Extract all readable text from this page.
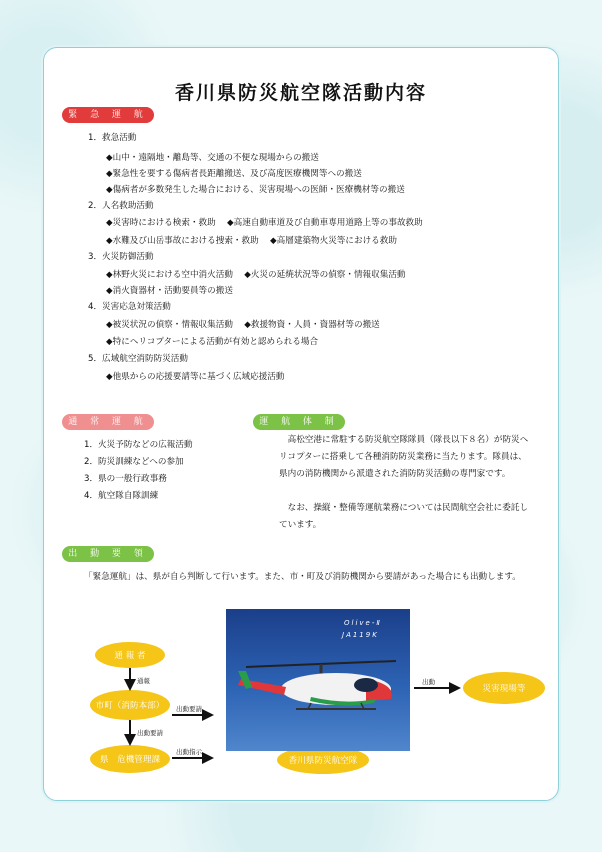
香川県防災航空隊活動内容
緊 急 運 航
1．救急活動
◆山中・遠隔地・離島等、交通の不便な現場からの搬送
◆緊急性を要する傷病者長距離搬送、及び高度医療機関等への搬送
◆傷病者が多数発生した場合における、災害現場への医師・医療機材等の搬送
2．人名救助活動
◆災害時における検索・救助　 ◆高速自動車道及び自動車専用道路上等の事故救助
◆水難及び山岳事故における捜索・救助　 ◆高層建築物火災等における救助
3．火災防御活動
◆林野火災における空中消火活動　 ◆火災の延焼状況等の偵察・情報収集活動
◆消火資器材・活動要員等の搬送
4．災害応急対策活動
◆被災状況の偵察・情報収集活動　 ◆救援物資・人員・資器材等の搬送
◆特にヘリコプターによる活動が有効と認められる場合
5．広域航空消防防災活動
◆他県からの応援要請等に基づく広域応援活動
通 常 運 航
1．火災予防などの広報活動
2．防災訓練などへの参加
3．県の一般行政事務
4．航空隊自隊訓練
運 航 体 制
　高松空港に常駐する防災航空隊隊員（隊長以下８名）が防災ヘリコプターに搭乗して各種消防防災業務に当たります。隊員は、県内の消防機関から派遣された消防防災活動の専門家です。
　なお、操縦・整備等運航業務については民間航空会社に委託しています。
出 動 要 領
「緊急運航」は、県が自ら判断して行います。また、市・町及び消防機関から要請があった場合にも出動します。
通 報 者
市町（消防本部）
県　危機管理課	香川県防災航空隊
災害現場等
通報
出動要請
出動要請
出動指示
出動
Olive-Ⅱ
JA119K
